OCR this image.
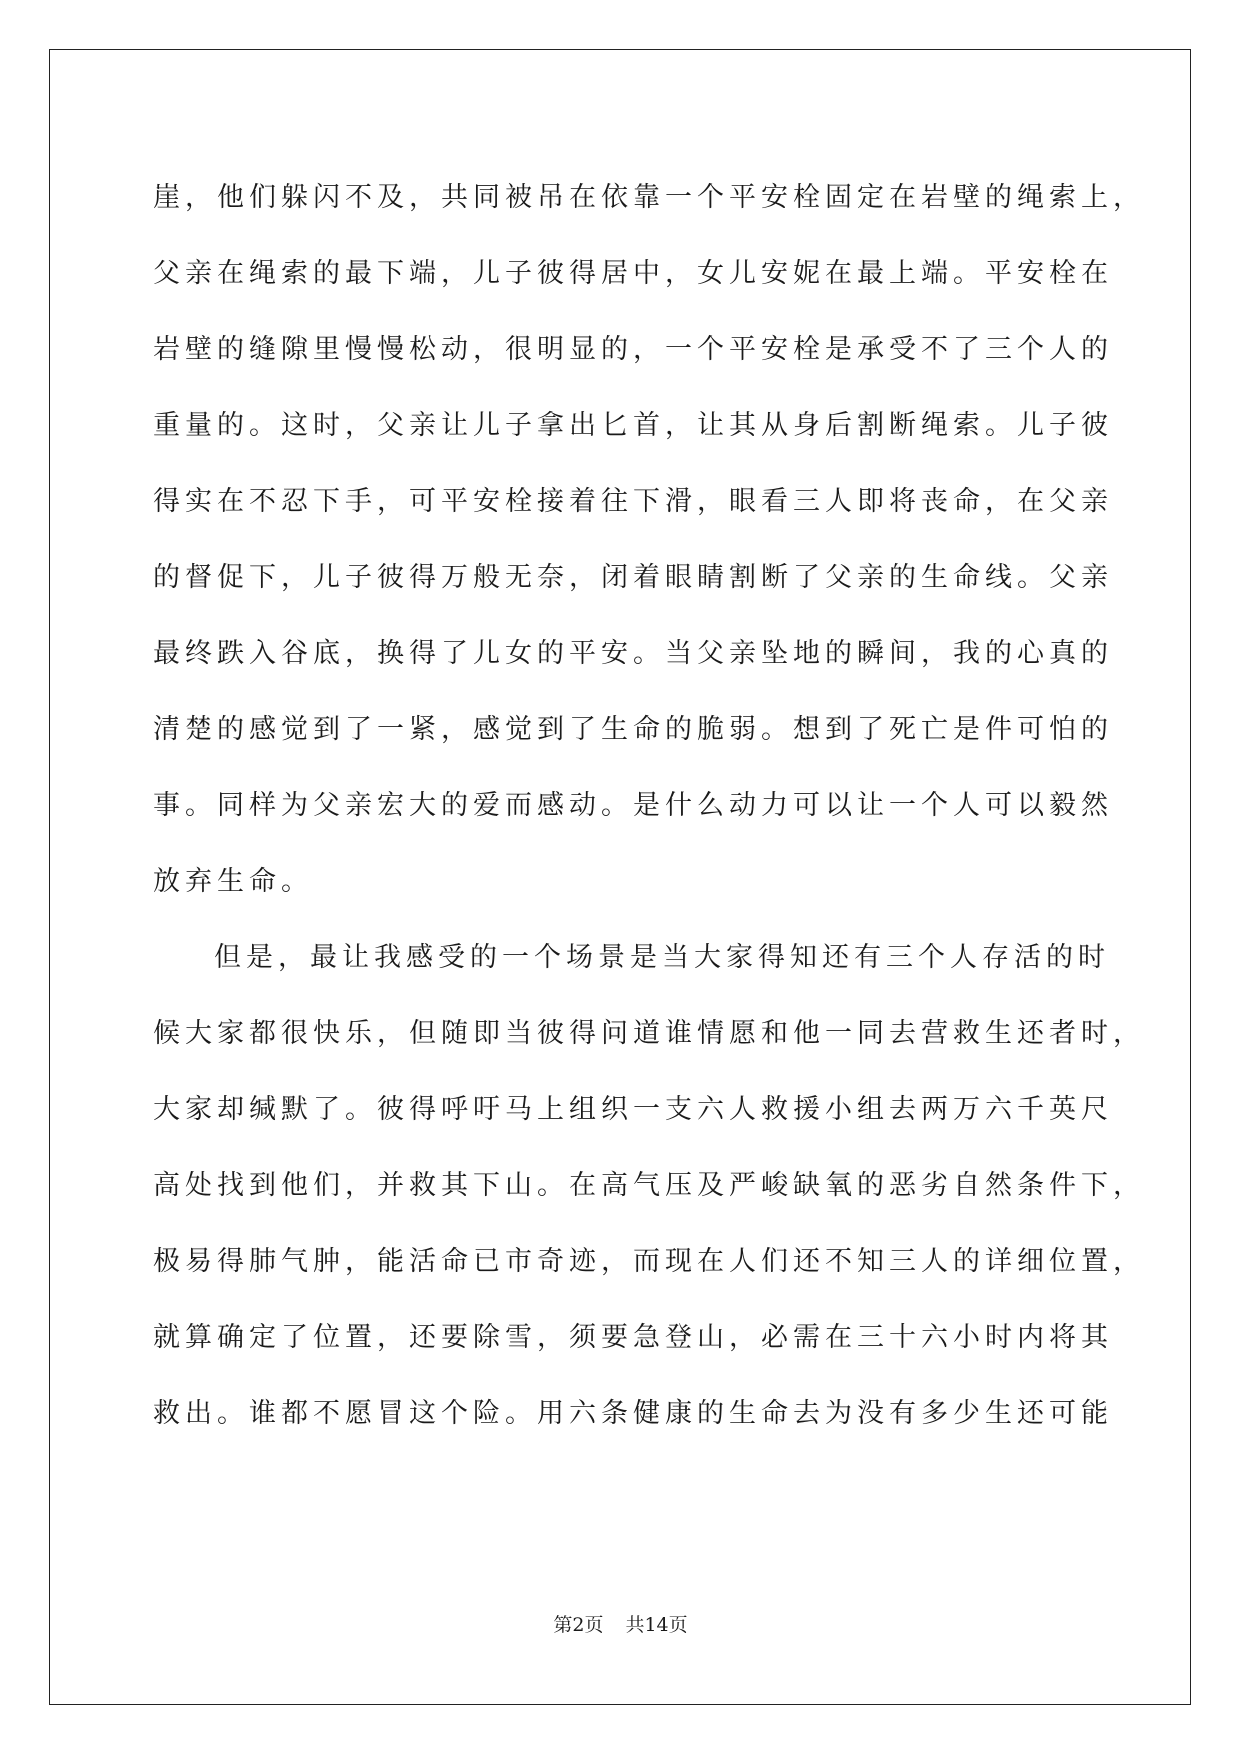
崖，他们躲闪不及，共同被吊在依靠一个平安栓固定在岩壁的绳索上，
父亲在绳索的最下端，儿子彼得居中，女儿安妮在最上端。平安栓在
岩壁的缝隙里慢慢松动，很明显的，一个平安栓是承受不了三个人的
重量的。这时，父亲让儿子拿出匕首，让其从身后割断绳索。儿子彼
得实在不忍下手，可平安栓接着往下滑，眼看三人即将丧命，在父亲
的督促下，儿子彼得万般无奈，闭着眼睛割断了父亲的生命线。父亲
最终跌入谷底，换得了儿女的平安。当父亲坠地的瞬间，我的心真的
清楚的感觉到了一紧，感觉到了生命的脆弱。想到了死亡是件可怕的
事。同样为父亲宏大的爱而感动。是什么动力可以让一个人可以毅然
放弃生命。

但是，最让我感受的一个场景是当大家得知还有三个人存活的时
候大家都很快乐，但随即当彼得问道谁情愿和他一同去营救生还者时，
大家却缄默了。彼得呼吁马上组织一支六人救援小组去两万六千英尺
高处找到他们，并救其下山。在高气压及严峻缺氧的恶劣自然条件下，
极易得肺气肿，能活命已市奇迹，而现在人们还不知三人的详细位置，
就算确定了位置，还要除雪，须要急登山，必需在三十六小时内将其
救出。谁都不愿冒这个险。用六条健康的生命去为没有多少生还可能

第2页 共14页
